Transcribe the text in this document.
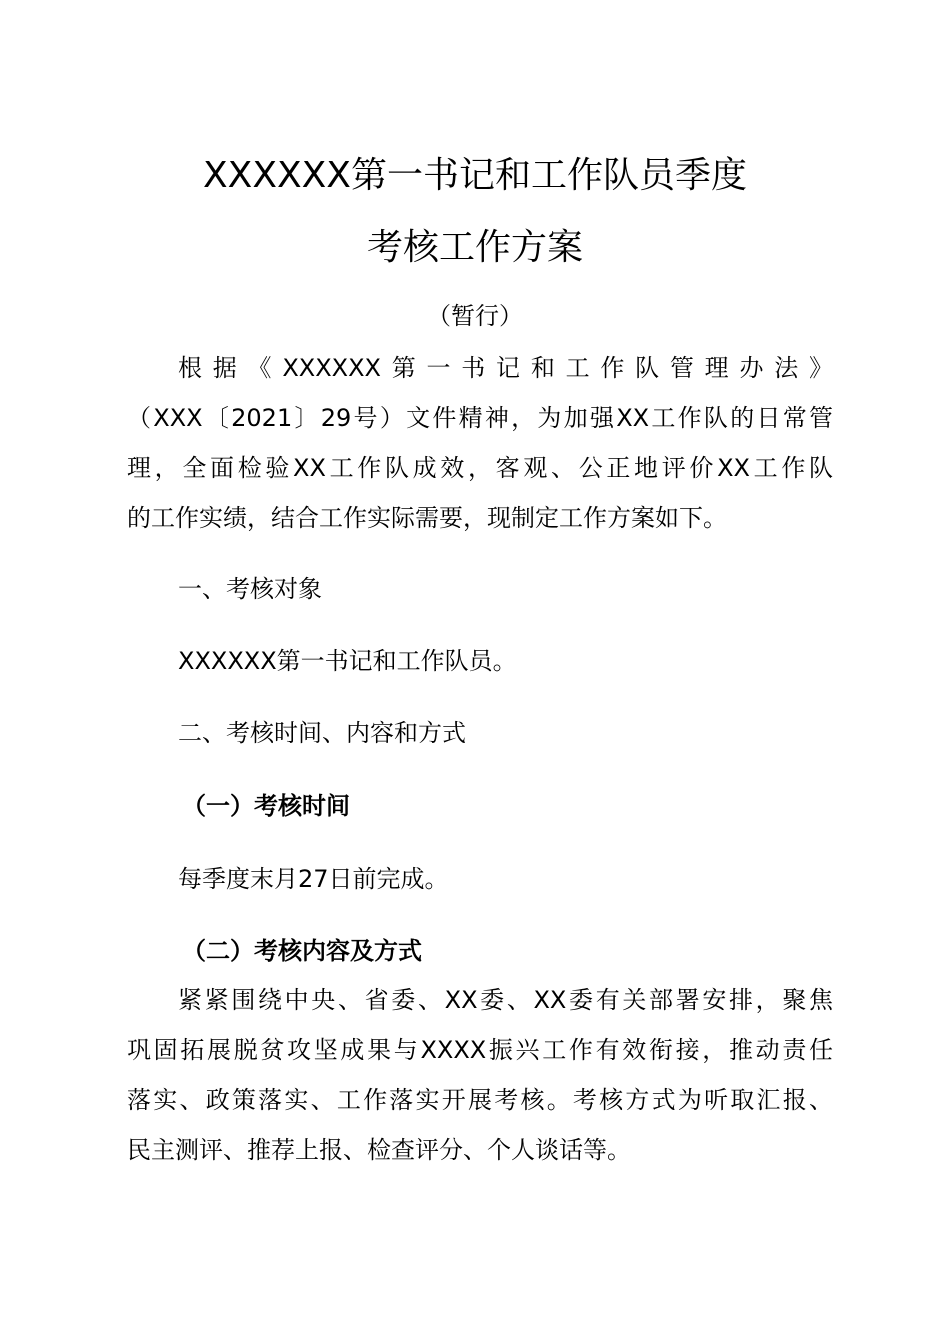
XXXXXX第一书记和工作队员季度
考核工作方案

（暂行）

根据《XXXXXX第一书记和工作队管理办法》
（XXX〔2021〕29号）文件精神，为加强XX工作队的日常管
理，全面检验XX工作队成效，客观、公正地评价XX工作队
的工作实绩，结合工作实际需要，现制定工作方案如下。

一、考核对象

XXXXXX第一书记和工作队员。

二、考核时间、内容和方式

（一）考核时间

每季度末月27日前完成。

（二）考核内容及方式

紧紧围绕中央、省委、XX委、XX委有关部署安排，聚焦
巩固拓展脱贫攻坚成果与XXXX振兴工作有效衔接，推动责任
落实、政策落实、工作落实开展考核。考核方式为听取汇报、
民主测评、推荐上报、检查评分、个人谈话等。
